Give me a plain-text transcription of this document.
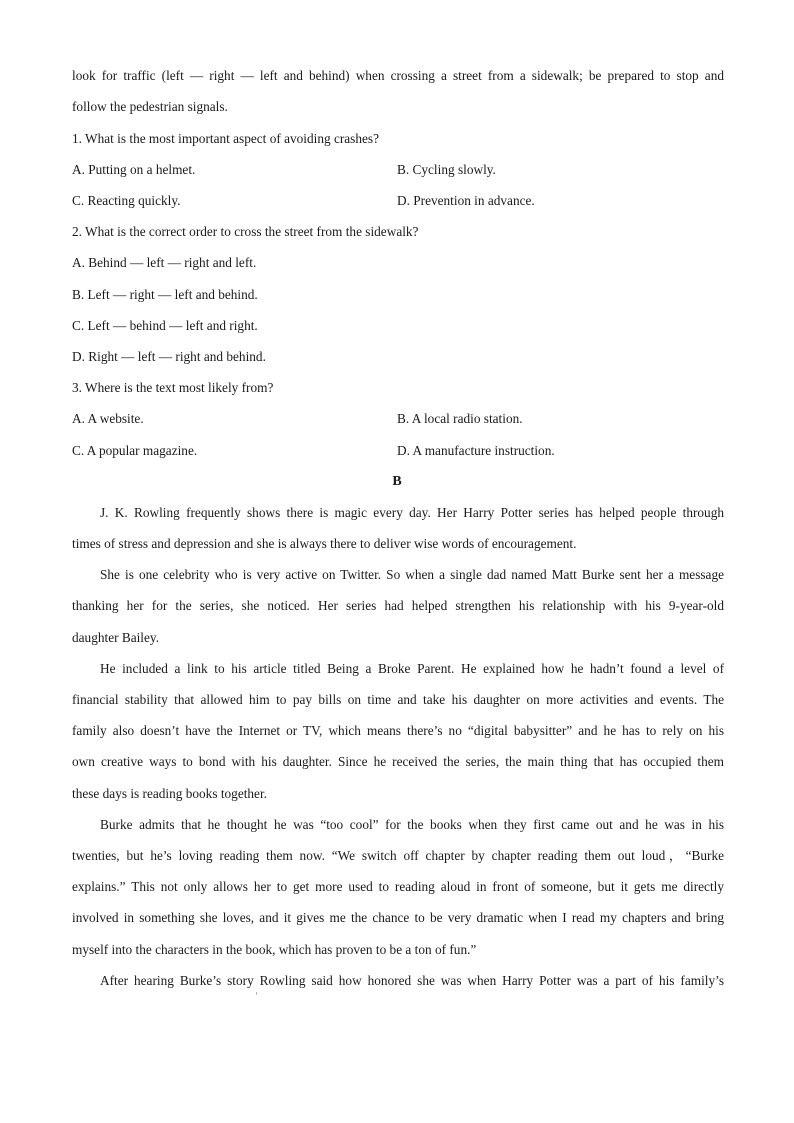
look for traffic (left — right — left and behind) when crossing a street from a sidewalk; be prepared to stop and
follow the pedestrian signals.
1. What is the most important aspect of avoiding crashes?
A. Putting on a helmet.	B. Cycling slowly.
C. Reacting quickly.	D. Prevention in advance.
2. What is the correct order to cross the street from the sidewalk?
A. Behind — left — right and left.
B. Left — right — left and behind.
C. Left — behind — left and right.
D. Right — left — right and behind.
3. Where is the text most likely from?
A. A website.	B. A local radio station.
C. A popular magazine.	D. A manufacture instruction.
B
J. K. Rowling frequently shows there is magic every day. Her Harry Potter series has helped people through
times of stress and depression and she is always there to deliver wise words of encouragement.
She is one celebrity who is very active on Twitter. So when a single dad named Matt Burke sent her a message
thanking her for the series, she noticed. Her series had helped strengthen his relationship with his 9-year-old
daughter Bailey.
He included a link to his article titled Being a Broke Parent. He explained how he hadn’t found a level of
financial stability that allowed him to pay bills on time and take his daughter on more activities and events. The
family also doesn’t have the Internet or TV, which means there’s no “digital babysitter” and he has to rely on his
own creative ways to bond with his daughter. Since he received the series, the main thing that has occupied them
these days is reading books together.
Burke admits that he thought he was “too cool” for the books when they first came out and he was in his
twenties, but he’s loving reading them now. “We switch off chapter by chapter reading them out loud，“Burke
explains.” This not only allows her to get more used to reading aloud in front of someone, but it gets me directly
involved in something she loves, and it gives me the chance to be very dramatic when I read my chapters and bring
myself into the characters in the book, which has proven to be a ton of fun.”
After hearing Burke’s story Rowling said how honored she was when Harry Potter was a part of his family’s
'
